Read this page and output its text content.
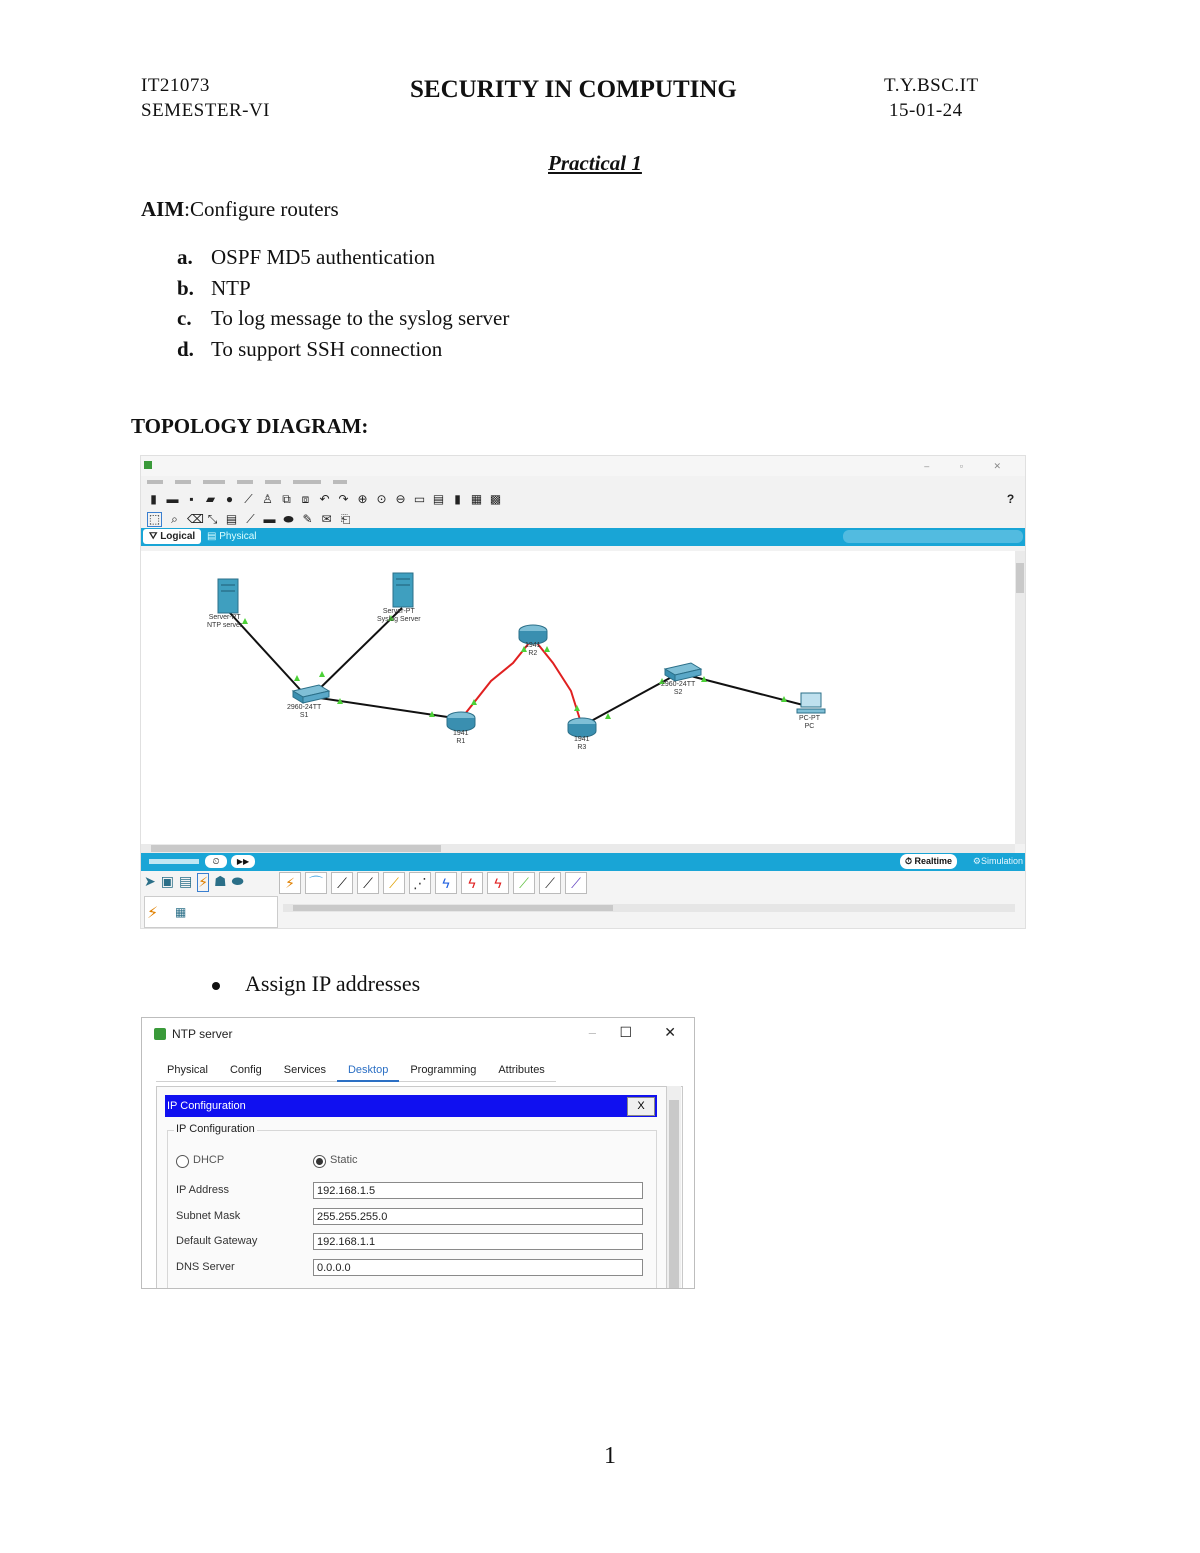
IT21073
SEMESTER-VI
SECURITY IN COMPUTING	T.Y.BSC.IT
15-01-24
Practical 1
AIM:Configure routers
a. OSPF MD5 authentication
b. NTP
c. To log message to the syslog server
d. To support SSH connection
TOPOLOGY DIAGRAM:
– ▫ ✕
▮ ▬ ▪	▰ ● ⟋ ♙ ⧉ ⧈ ↶ ↷ ⊕ ⊙ ⊖ ▭ ▤ ▮ ▦ ▩	?
⬚ ⌕ ⌫ ⤡ ▤ ⟋ ▬ ⬬ ✎ ✉ ⎗
⛛ Logical	▤ Physical
Server-PT
NTP server
Server-PT
Syslog Server
2960-24TT
S1
1941
R1
1941
R2
1941
R3
2960-24TT
S2
PC-PT
PC
⏲	▶▶	⏱ Realtime	⚙Simulation
➤ ▣ ▤ ⚡ ☗ ⬬	⚡	⌒	⟋	⟋	⟋	⋰	ϟ	ϟ	ϟ	⟋	⟋	⟋
⚡ ▦
Assign IP addresses
NTP server	– ☐ ✕
Physical	Config	Services	Desktop	Programming	Attributes
IP Configuration	X
IP Configuration
DHCP	Static
IP Address	192.168.1.5
Subnet Mask	255.255.255.0
Default Gateway	192.168.1.1
DNS Server	0.0.0.0
1
